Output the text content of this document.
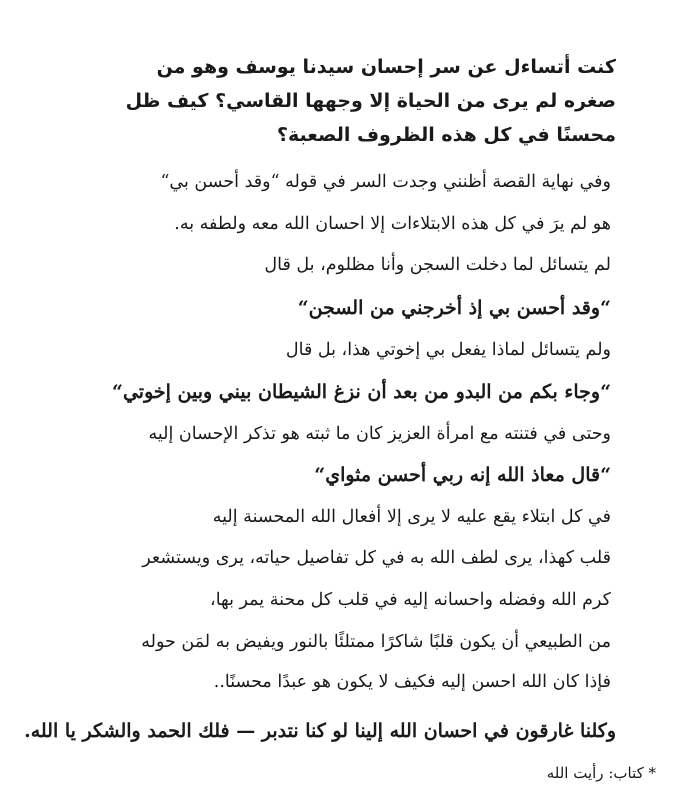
كنت أتساءل عن سر إحسان سيدنا يوسف وهو من

صغره لم يرى من الحياة إلا وجهها القاسي؟ كيف ظل

محسنًا في كل هذه الظروف الصعبة؟

وفي نهاية القصة أظنني وجدت السر في قوله “وقد أحسن بي“

هو لم يرَ في كل هذه الابتلاءات إلا احسان الله معه ولطفه به.

لم يتسائل لما دخلت السجن وأنا مظلوم، بل قال

“وقد أحسن بي إذ أخرجني من السجن“

ولم يتسائل لماذا يفعل بي إخوتي هذا، بل قال

“وجاء بكم من البدو من بعد أن نزغ الشيطان بيني وبين إخوتي“

وحتى في فتنته مع امرأة العزيز كان ما ثبته هو تذكر الإحسان إليه

“قال معاذ الله إنه ربي أحسن مثواي“

في كل ابتلاء يقع عليه لا يرى إلا أفعال الله المحسنة إليه

قلب كهذا، يرى لطف الله به في كل تفاصيل حياته، يرى ويستشعر

كرم الله وفضله واحسانه إليه في قلب كل محنة يمر بها،

من الطبيعي أن يكون قلبًا شاكرًا ممتلئًا بالنور ويفيض به لمَن حوله

فإذا كان الله احسن إليه فكيف لا يكون هو عبدًا محسنًا..

وكلنا غارقون في احسان الله إلينا لو كنا نتدبر — فلك الحمد والشكر يا الله.

* كتاب: رأيت الله
